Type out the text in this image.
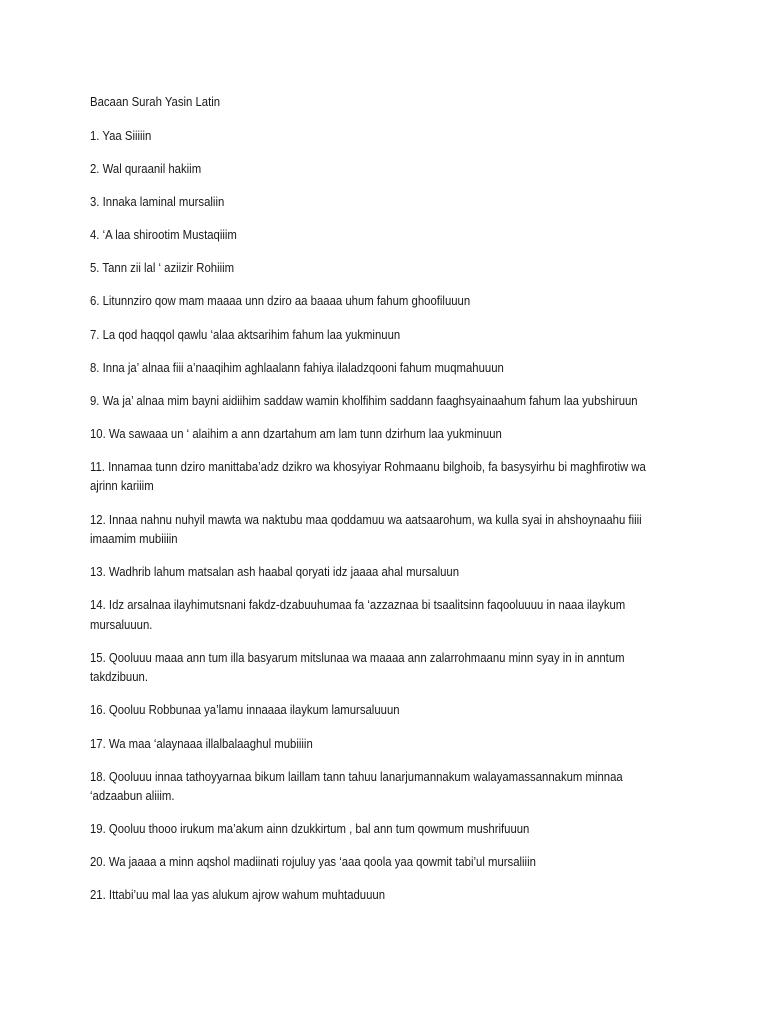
Bacaan Surah Yasin Latin
1. Yaa Siiiiin
2. Wal quraanil hakiim
3. Innaka laminal mursaliin
4. ‘A laa shirootim Mustaqiiim
5. Tann zii lal ‘ aziizir Rohiiim
6. Litunnziro qow mam maaaa unn dziro aa baaaa uhum fahum ghoofiluuun
7. La qod haqqol qawlu ‘alaa aktsarihim fahum laa yukminuun
8. Inna ja’ alnaa fiii a’naaqihim aghlaalann fahiya ilaladzqooni fahum muqmahuuun
9. Wa ja’ alnaa mim bayni aidiihim saddaw wamin kholfihim saddann faaghsyainaahum fahum laa yubshiruun
10. Wa sawaaa un ‘ alaihim a ann dzartahum am lam tunn dzirhum laa yukminuun
11. Innamaa tunn dziro manittaba’adz dzikro wa khosyiyar Rohmaanu bilghoib, fa basysyirhu bi maghfirotiw wa ajrinn kariiim
12. Innaa nahnu nuhyil mawta wa naktubu maa qoddamuu wa aatsaarohum, wa kulla syai in ahshoynaahu fiiii imaamim mubiiiin
13. Wadhrib lahum matsalan ash haabal qoryati idz jaaaa ahal mursaluun
14. Idz arsalnaa ilayhimutsnani fakdz-dzabuuhumaa fa ‘azzaznaa bi tsaalitsinn faqooluuuu in naaa ilaykum mursaluuun.
15. Qooluuu maaa ann tum illa basyarum mitslunaa wa maaaa ann zalarrohmaanu minn syay in in anntum takdzibuun.
16. Qooluu Robbunaa ya’lamu innaaaa ilaykum lamursaluuun
17. Wa maa ‘alaynaaa illalbalaaghul mubiiiin
18. Qooluuu innaa tathoyyarnaa bikum laillam tann tahuu lanarjumannakum walayamassannakum minnaa ‘adzaabun aliiim.
19. Qooluu thooo irukum ma’akum ainn dzukkirtum , bal ann tum qowmum mushrifuuun
20. Wa jaaaa a minn aqshol madiinati rojuluy yas ‘aaa qoola yaa qowmit tabi’ul mursaliiin
21. Ittabi’uu mal laa yas alukum ajrow wahum muhtaduuun
